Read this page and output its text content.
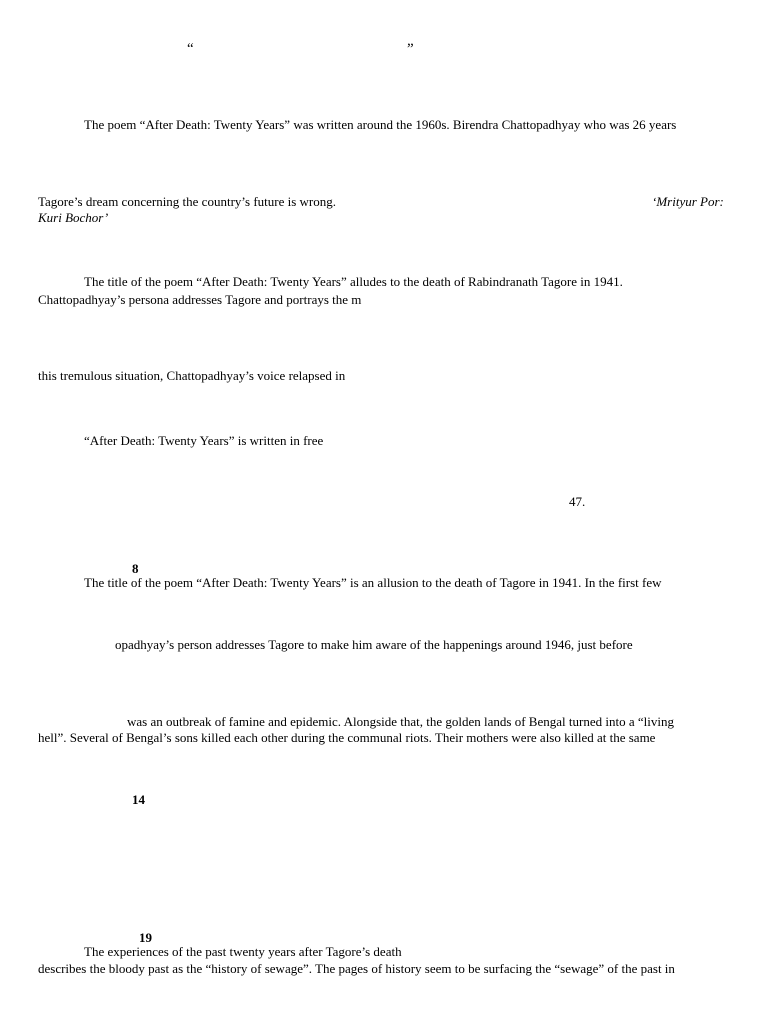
“	”
The poem “After Death: Twenty Years” was written around the 1960s. Birendra Chattopadhyay who was 26 years
Tagore’s dream concerning the country’s future is wrong.	‘Mrityur Por:
Kuri Bochor’
The title of the poem “After Death: Twenty Years” alludes to the death of Rabindranath Tagore in 1941.
Chattopadhyay’s persona addresses Tagore and portrays the m
this tremulous situation, Chattopadhyay’s voice relapsed in
“After Death: Twenty Years” is written in free
47.
8
The title of the poem “After Death: Twenty Years” is an allusion to the death of Tagore in 1941. In the first few
opadhyay’s person addresses Tagore to make him aware of the happenings around 1946, just before
was an outbreak of famine and epidemic. Alongside that, the golden lands of Bengal turned into a “living
hell”. Several of Bengal’s sons killed each other during the communal riots. Their mothers were also killed at the same
14
19
The experiences of the past twenty years after Tagore’s death
describes the bloody past as the “history of sewage”. The pages of history seem to be surfacing the “sewage” of the past in
